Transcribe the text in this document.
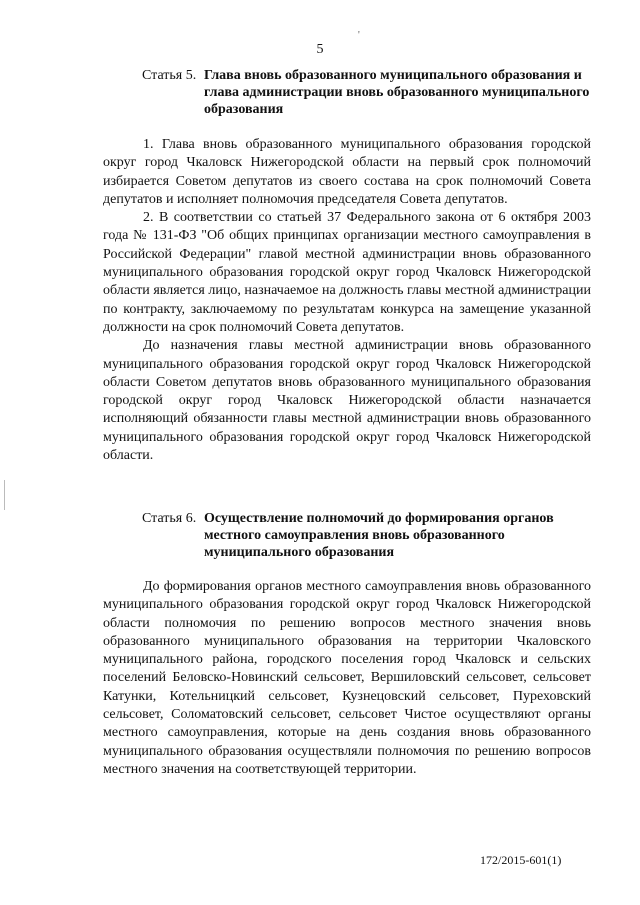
'
5
Статья 5. Глава вновь образованного муниципального образования и глава администрации вновь образованного муниципального образования

1. Глава вновь образованного муниципального образования городской округ город Чкаловск Нижегородской области на первый срок полномочий избирается Советом депутатов из своего состава на срок полномочий Совета депутатов и исполняет полномочия председателя Совета депутатов.

2. В соответствии со статьей 37 Федерального закона от 6 октября 2003 года № 131-ФЗ "Об общих принципах организации местного самоуправления в Российской Федерации" главой местной администрации вновь образованного муниципального образования городской округ город Чкаловск Нижегородской области является лицо, назначаемое на должность главы местной администрации по контракту, заключаемому по результатам конкурса на замещение указанной должности на срок полномочий Совета депутатов.

До назначения главы местной администрации вновь образованного муниципального образования городской округ город Чкаловск Нижегородской области Советом депутатов вновь образованного муниципального образования городской округ город Чкаловск Нижегородской области назначается исполняющий обязанности главы местной администрации вновь образованного муниципального образования городской округ город Чкаловск Нижегородской области.

Статья 6. Осуществление полномочий до формирования органов местного самоуправления вновь образованного муниципального образования

До формирования органов местного самоуправления вновь образованного муниципального образования городской округ город Чкаловск Нижегородской области полномочия по решению вопросов местного значения вновь образованного муниципального образования на территории Чкаловского муниципального района, городского поселения город Чкаловск и сельских поселений Беловско-Новинский сельсовет, Вершиловский сельсовет, сельсовет Катунки, Котельницкий сельсовет, Кузнецовский сельсовет, Пуреховский сельсовет, Соломатовский сельсовет, сельсовет Чистое осуществляют органы местного самоуправления, которые на день создания вновь образованного муниципального образования осуществляли полномочия по решению вопросов местного значения на соответствующей территории.

172/2015-601(1)
